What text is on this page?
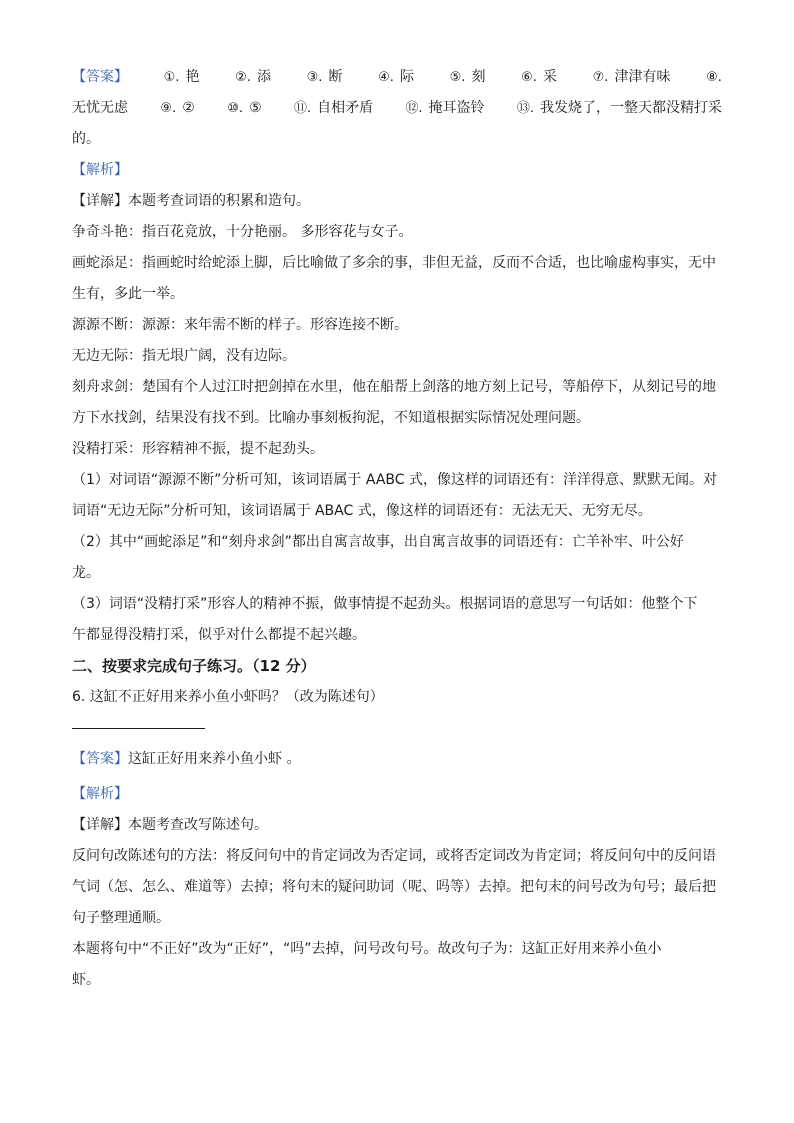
【答案】	①. 艳	②. 添	③. 断	④. 际	⑤. 刻	⑥. 采	⑦. 津津有味	⑧.
无忧无虑 ⑨. ② ⑩. ⑤ ⑪. 自相矛盾 ⑫. 掩耳盗铃 ⑬. 我发烧了，一整天都没精打采
的。
【解析】
【详解】本题考查词语的积累和造句。
争奇斗艳：指百花竞放，十分艳丽。 多形容花与女子。
画蛇添足：指画蛇时给蛇添上脚，后比喻做了多余的事，非但无益，反而不合适，也比喻虚构事实，无中
生有，多此一举。
源源不断：源源：来年需不断的样子。形容连接不断。
无边无际：指无垠广阔，没有边际。
刻舟求剑：楚国有个人过江时把剑掉在水里，他在船帮上剑落的地方刻上记号，等船停下，从刻记号的地
方下水找剑，结果没有找不到。比喻办事刻板拘泥，不知道根据实际情况处理问题。
没精打采：形容精神不振，提不起劲头。
（1）对词语“源源不断”分析可知，该词语属于 AABC 式，像这样的词语还有：洋洋得意、默默无闻。对
词语“无边无际”分析可知，该词语属于 ABAC 式，像这样的词语还有：无法无天、无穷无尽。
（2）其中“画蛇添足”和“刻舟求剑”都出自寓言故事，出自寓言故事的词语还有：亡羊补牢、叶公好
龙。
（3）词语“没精打采”形容人的精神不振，做事情提不起劲头。根据词语的意思写一句话如：他整个下
午都显得没精打采，似乎对什么都提不起兴趣。
二、按要求完成句子练习。（12 分）
6. 这缸不正好用来养小鱼小虾吗？（改为陈述句）
【答案】这缸正好用来养小鱼小虾 。
【解析】
【详解】本题考查改写陈述句。
反问句改陈述句的方法：将反问句中的肯定词改为否定词，或将否定词改为肯定词；将反问句中的反问语
气词（怎、怎么、难道等）去掉；将句末的疑问助词（呢、吗等）去掉。把句末的问号改为句号；最后把
句子整理通顺。
本题将句中“不正好”改为“正好”，“吗”去掉，问号改句号。故改句子为：这缸正好用来养小鱼小
虾。
